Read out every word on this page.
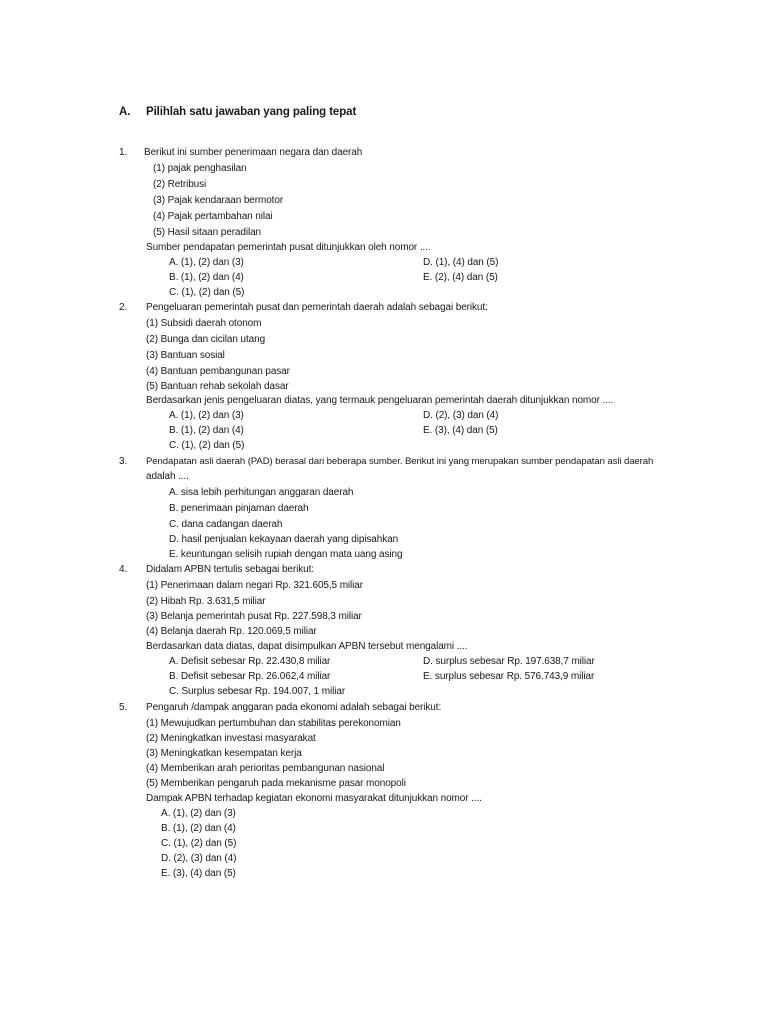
A. Pilihlah satu jawaban yang paling tepat
1. Berikut ini sumber penerimaan negara dan daerah
(1) pajak penghasilan
(2) Retribusi
(3) Pajak kendaraan bermotor
(4) Pajak pertambahan nilai
(5) Hasil sitaan peradilan
Sumber pendapatan pemerintah pusat ditunjukkan oleh nomor ....
A. (1), (2) dan (3)
B. (1), (2) dan (4)
C. (1), (2) dan (5)
D. (1), (4) dan (5)
E. (2), (4) dan (5)
2. Pengeluaran pemerintah pusat dan pemerintah daerah adalah sebagai berikut:
(1) Subsidi daerah otonom
(2) Bunga dan cicilan utang
(3) Bantuan sosial
(4) Bantuan pembangunan pasar
(5) Bantuan rehab sekolah dasar
Berdasarkan jenis pengeluaran diatas, yang termauk pengeluaran pemerintah daerah ditunjukkan nomor ....
A. (1), (2) dan (3)
B. (1), (2) dan (4)
C. (1), (2) dan (5)
D. (2), (3) dan (4)
E. (3), (4) dan (5)
3. Pendapatan asli daerah (PAD) berasal dari beberapa sumber. Berikut ini yang merupakan sumber pendapatan asli daerah
adalah ....
A. sisa lebih perhitungan anggaran daerah
B. penerimaan pinjaman daerah
C. dana cadangan daerah
D. hasil penjualan kekayaan daerah yang dipisahkan
E. keuntungan selisih rupiah dengan mata uang asing
4. Didalam APBN tertulis sebagai berikut:
(1) Penerimaan dalam negari Rp. 321.605,5 miliar
(2) Hibah Rp. 3.631,5 miliar
(3) Belanja pemerintah pusat Rp. 227.598,3 miliar
(4) Belanja daerah Rp. 120.069,5 miliar
Berdasarkan data diatas, dapat disimpulkan APBN tersebut mengalami ....
A. Defisit sebesar Rp. 22.430,8 miliar
B. Defisit sebesar Rp. 26.062,4 miliar
C. Surplus sebesar Rp. 194.007, 1 miliar
D. surplus sebesar Rp. 197.638,7 miliar
E. surplus sebesar Rp. 576.743,9 miliar
5. Pengaruh /dampak anggaran pada ekonomi adalah sebagai berikut:
(1) Mewujudkan pertumbuhan dan stabilitas perekonomian
(2) Meningkatkan investasi masyarakat
(3) Meningkatkan kesempatan kerja
(4) Memberikan arah perioritas pembangunan nasional
(5) Memberikan pengaruh pada mekanisme pasar monopoli
Dampak APBN terhadap kegiatan ekonomi masyarakat ditunjukkan nomor ....
A. (1), (2) dan (3)
B. (1), (2) dan (4)
C. (1), (2) dan (5)
D. (2), (3) dan (4)
E. (3), (4) dan (5)
